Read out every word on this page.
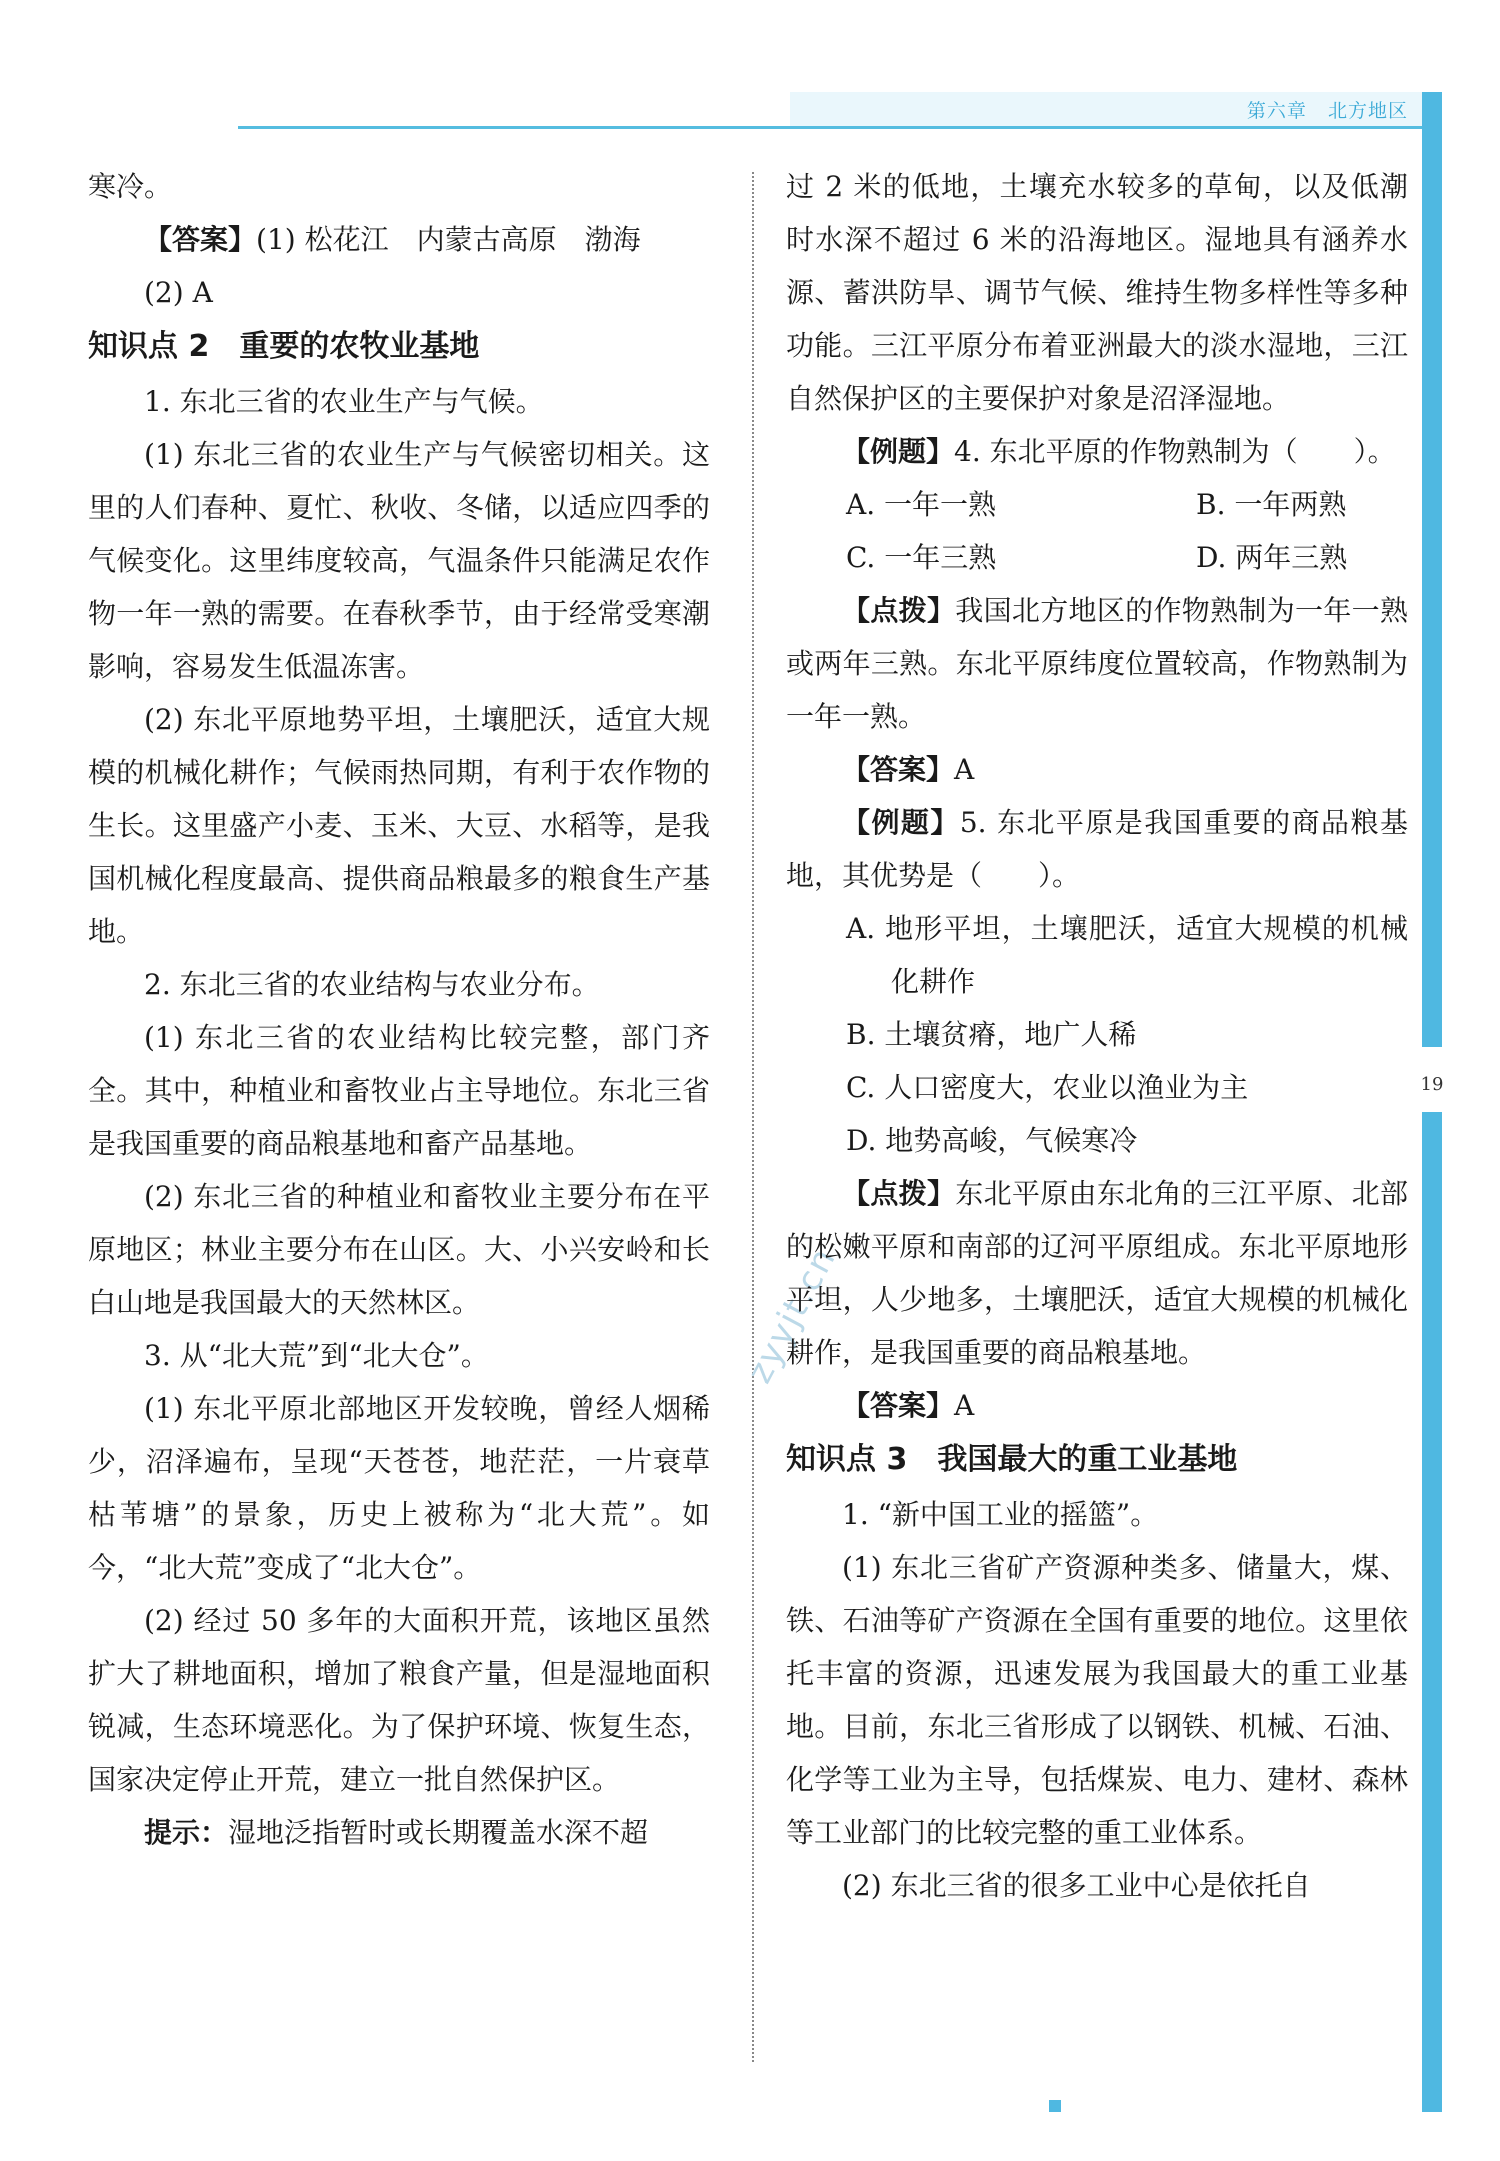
第六章 北方地区
19
zyyjt.cn

寒冷。

【答案】(1) 松花江　内蒙古高原　渤海

(2) A

知识点 2　重要的农牧业基地

1. 东北三省的农业生产与气候。

(1) 东北三省的农业生产与气候密切相关。这里的人们春种、夏忙、秋收、冬储，以适应四季的气候变化。这里纬度较高，气温条件只能满足农作物一年一熟的需要。在春秋季节，由于经常受寒潮影响，容易发生低温冻害。

(2) 东北平原地势平坦，土壤肥沃，适宜大规模的机械化耕作；气候雨热同期，有利于农作物的生长。这里盛产小麦、玉米、大豆、水稻等，是我国机械化程度最高、提供商品粮最多的粮食生产基地。

2. 东北三省的农业结构与农业分布。

(1) 东北三省的农业结构比较完整，部门齐全。其中，种植业和畜牧业占主导地位。东北三省是我国重要的商品粮基地和畜产品基地。

(2) 东北三省的种植业和畜牧业主要分布在平原地区；林业主要分布在山区。大、小兴安岭和长白山地是我国最大的天然林区。

3. 从“北大荒”到“北大仓”。

(1) 东北平原北部地区开发较晚，曾经人烟稀少，沼泽遍布，呈现“天苍苍，地茫茫，一片衰草枯苇塘”的景象，历史上被称为“北大荒”。如今，“北大荒”变成了“北大仓”。

(2) 经过 50 多年的大面积开荒，该地区虽然扩大了耕地面积，增加了粮食产量，但是湿地面积锐减，生态环境恶化。为了保护环境、恢复生态，国家决定停止开荒，建立一批自然保护区。

提示：湿地泛指暂时或长期覆盖水深不超

过 2 米的低地，土壤充水较多的草甸，以及低潮时水深不超过 6 米的沿海地区。湿地具有涵养水源、蓄洪防旱、调节气候、维持生物多样性等多种功能。三江平原分布着亚洲最大的淡水湿地，三江自然保护区的主要保护对象是沼泽湿地。

【例题】4. 东北平原的作物熟制为（　　）。

A. 一年一熟	B. 一年两熟
C. 一年三熟	D. 两年三熟

【点拨】我国北方地区的作物熟制为一年一熟或两年三熟。东北平原纬度位置较高，作物熟制为一年一熟。

【答案】A

【例题】5. 东北平原是我国重要的商品粮基地，其优势是（　　）。

A. 地形平坦，土壤肥沃，适宜大规模的机械化耕作

B. 土壤贫瘠，地广人稀

C. 人口密度大，农业以渔业为主

D. 地势高峻，气候寒冷

【点拨】东北平原由东北角的三江平原、北部的松嫩平原和南部的辽河平原组成。东北平原地形平坦，人少地多，土壤肥沃，适宜大规模的机械化耕作，是我国重要的商品粮基地。

【答案】A

知识点 3　我国最大的重工业基地

1. “新中国工业的摇篮”。

(1) 东北三省矿产资源种类多、储量大，煤、铁、石油等矿产资源在全国有重要的地位。这里依托丰富的资源，迅速发展为我国最大的重工业基地。目前，东北三省形成了以钢铁、机械、石油、化学等工业为主导，包括煤炭、电力、建材、森林等工业部门的比较完整的重工业体系。

(2) 东北三省的很多工业中心是依托自
